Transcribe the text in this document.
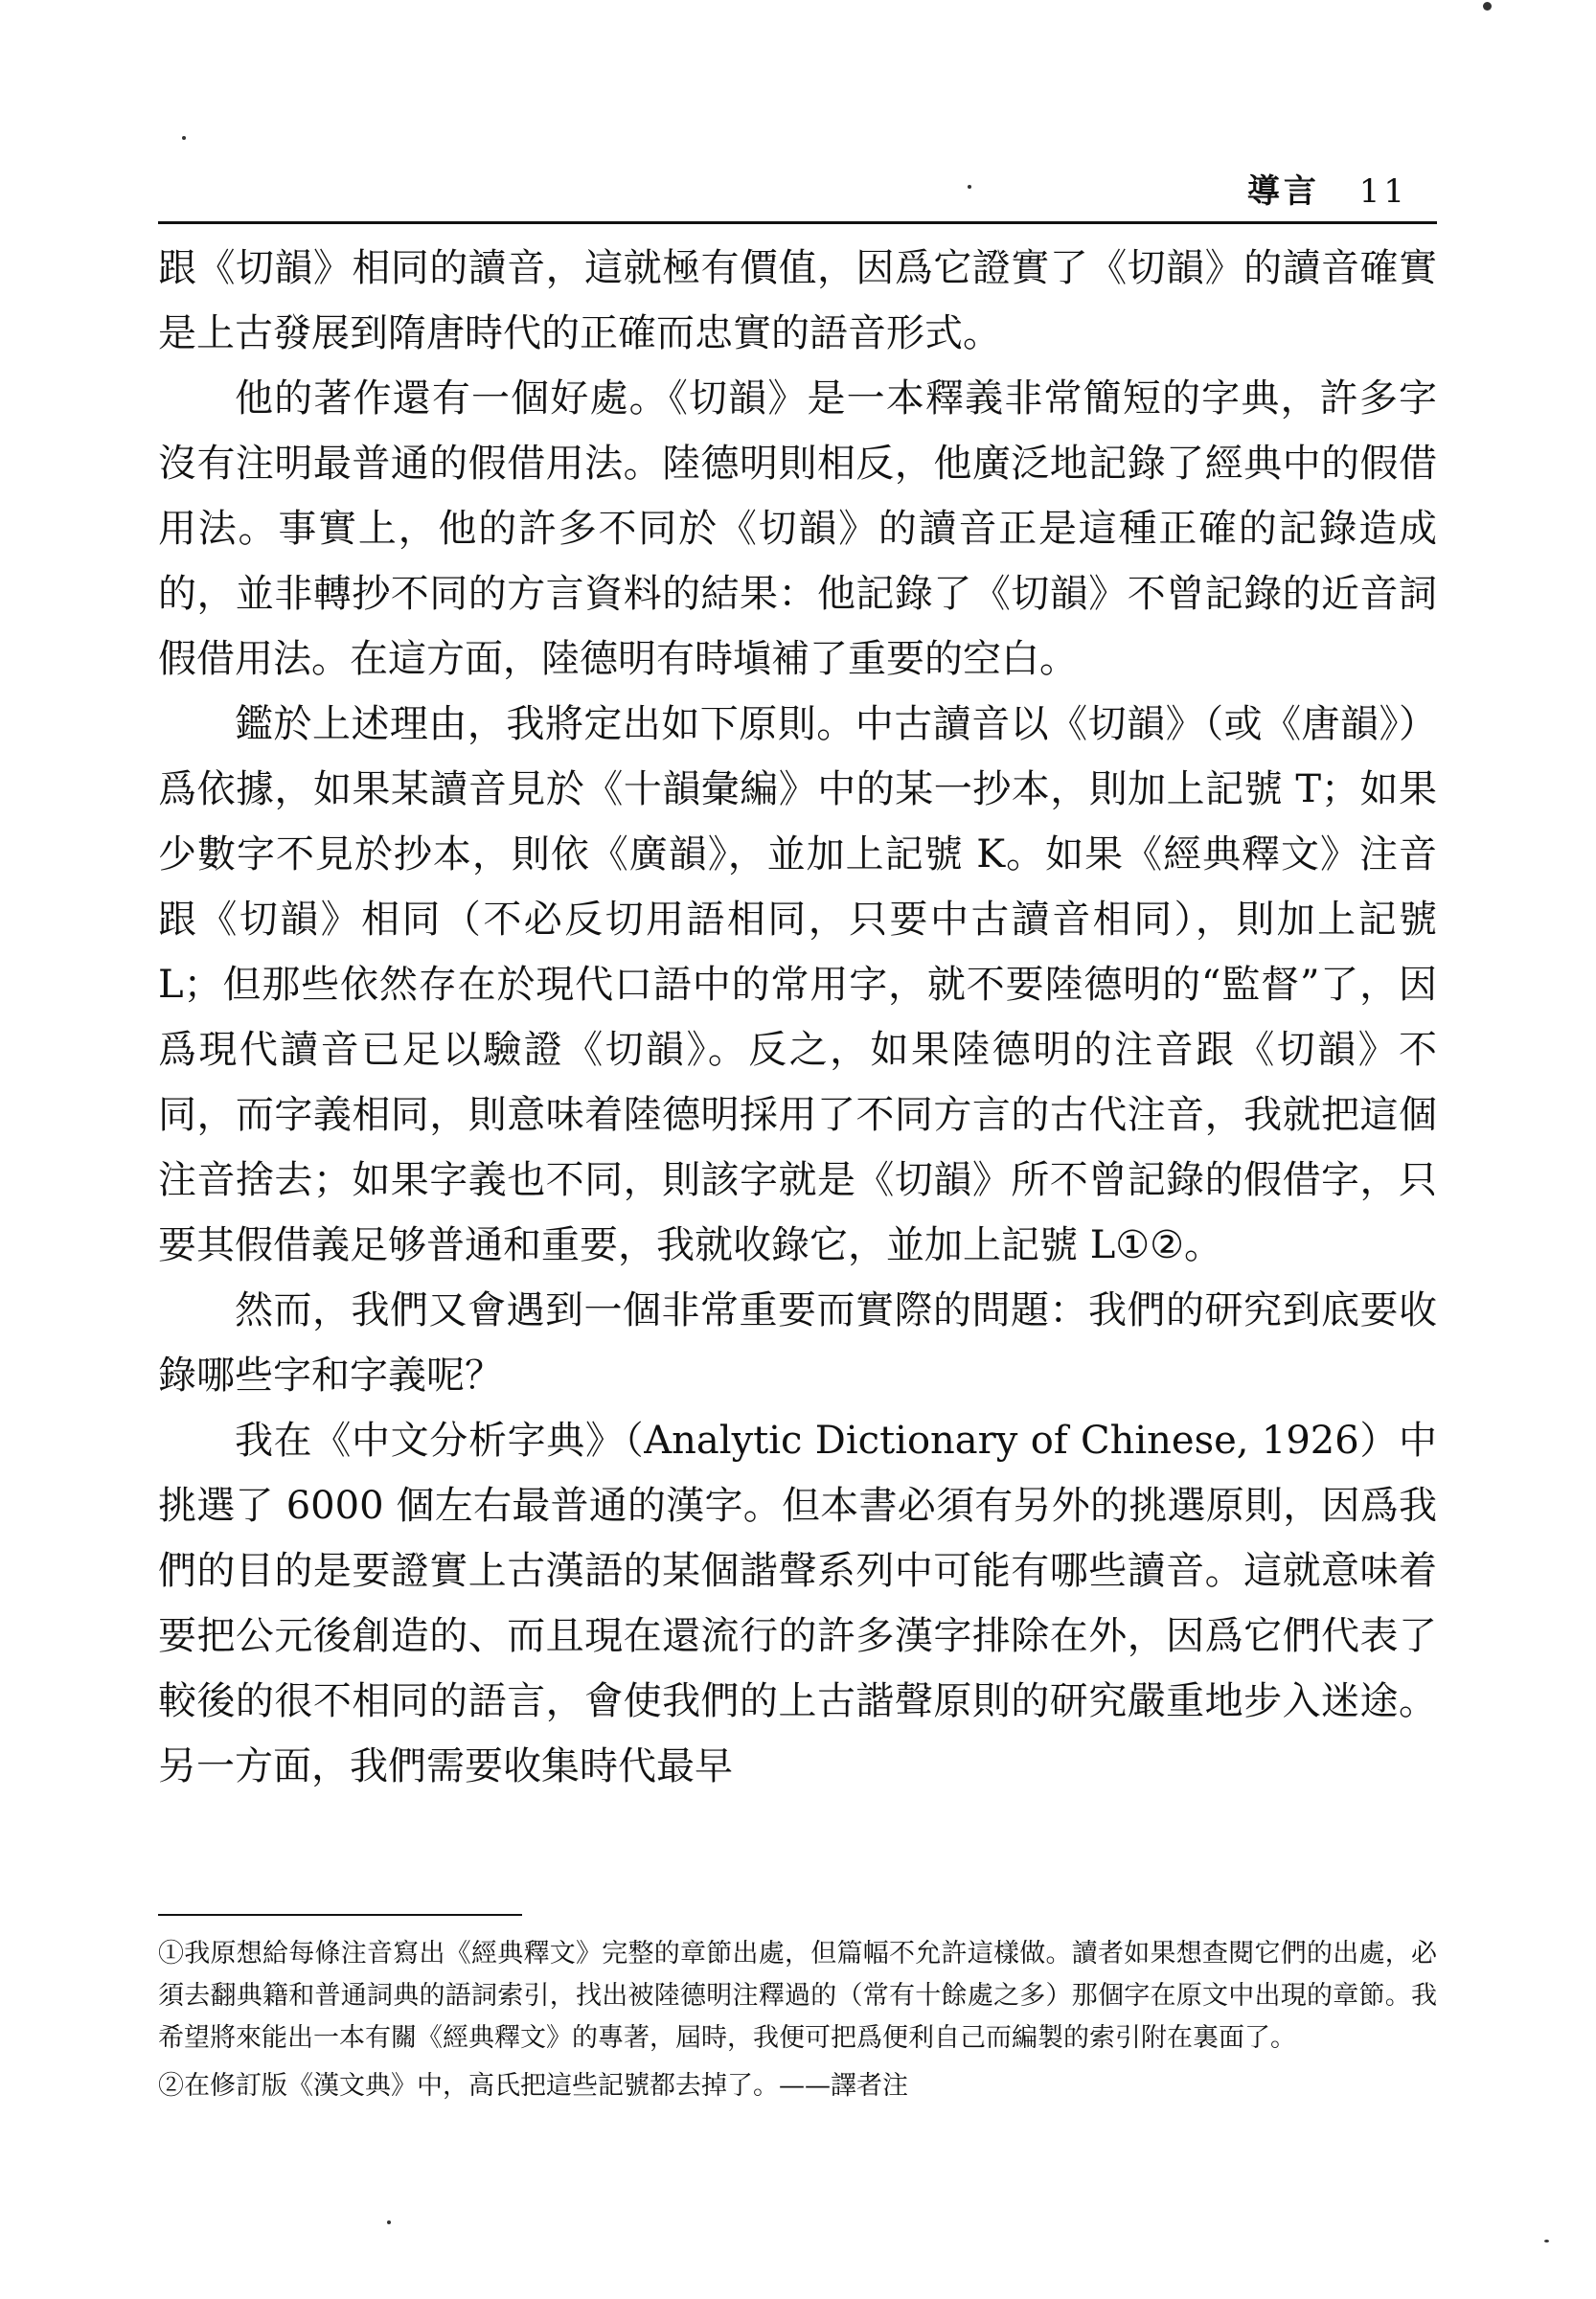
導言 11

跟《切韻》相同的讀音，這就極有價值，因爲它證實了《切韻》的讀音確實是上古發展到隋唐時代的正確而忠實的語音形式。

他的著作還有一個好處。《切韻》是一本釋義非常簡短的字典，許多字沒有注明最普通的假借用法。陸德明則相反，他廣泛地記錄了經典中的假借用法。事實上，他的許多不同於《切韻》的讀音正是這種正確的記錄造成的，並非轉抄不同的方言資料的結果：他記錄了《切韻》不曾記錄的近音詞假借用法。在這方面，陸德明有時塡補了重要的空白。

鑑於上述理由，我將定出如下原則。中古讀音以《切韻》（或《唐韻》）爲依據，如果某讀音見於《十韻彙編》中的某一抄本，則加上記號 T；如果少數字不見於抄本，則依《廣韻》，並加上記號 K。如果《經典釋文》注音跟《切韻》相同（不必反切用語相同，只要中古讀音相同），則加上記號 L；但那些依然存在於現代口語中的常用字，就不要陸德明的“監督”了，因爲現代讀音已足以驗證《切韻》。反之，如果陸德明的注音跟《切韻》不同，而字義相同，則意味着陸德明採用了不同方言的古代注音，我就把這個注音捨去；如果字義也不同，則該字就是《切韻》所不曾記錄的假借字，只要其假借義足够普通和重要，我就收錄它，並加上記號 L①②。

然而，我們又會遇到一個非常重要而實際的問題：我們的研究到底要收錄哪些字和字義呢？

我在《中文分析字典》（Analytic Dictionary of Chinese, 1926）中挑選了 6000 個左右最普通的漢字。但本書必須有另外的挑選原則，因爲我們的目的是要證實上古漢語的某個諧聲系列中可能有哪些讀音。這就意味着要把公元後創造的、而且現在還流行的許多漢字排除在外，因爲它們代表了較後的很不相同的語言，會使我們的上古諧聲原則的研究嚴重地步入迷途。另一方面，我們需要收集時代最早

①我原想給每條注音寫出《經典釋文》完整的章節出處，但篇幅不允許這樣做。讀者如果想查閱它們的出處，必須去翻典籍和普通詞典的語詞索引，找出被陸德明注釋過的（常有十餘處之多）那個字在原文中出現的章節。我希望將來能出一本有關《經典釋文》的專著，屆時，我便可把爲便利自己而編製的索引附在裏面了。

②在修訂版《漢文典》中，高氏把這些記號都去掉了。——譯者注
